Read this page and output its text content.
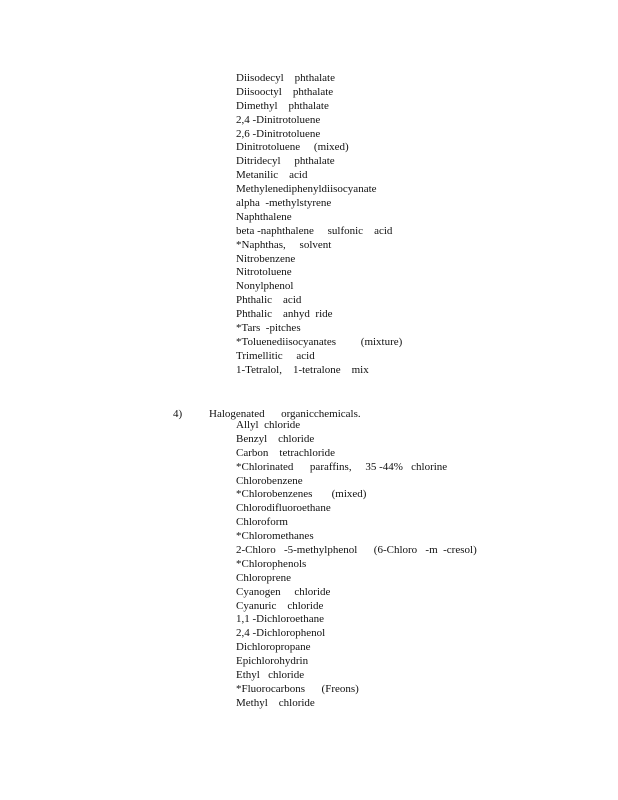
Diisodecyl    phthalate
Diisooctyl    phthalate
Dimethyl    phthalate
2,4 -Dinitrotoluene
2,6 -Dinitrotoluene
Dinitrotoluene     (mixed)
Ditridecyl     phthalate
Metanilic    acid
Methylenediphenyldiisocyanate
alpha  -methylstyrene
Naphthalene
beta -naphthalene     sulfonic    acid
*Naphthas,     solvent
Nitrobenzene
Nitrotoluene
Nonylphenol
Phthalic    acid
Phthalic    anhyd  ride
*Tars  -pitches
*Toluenediisocyanates         (mixture)
Trimellitic     acid
1-Tetralol,    1-tetralone    mix

4) Halogenated      organicchemicals.

Allyl  chloride
Benzyl    chloride
Carbon    tetrachloride
*Chlorinated      paraffins,     35 -44%   chlorine
Chlorobenzene
*Chlorobenzenes       (mixed)
Chlorodifluoroethane
Chloroform
*Chloromethanes
2-Chloro   -5-methylphenol      (6-Chloro   -m  -cresol)
*Chlorophenols
Chloroprene
Cyanogen     chloride
Cyanuric    chloride
1,1 -Dichloroethane
2,4 -Dichlorophenol
Dichloropropane
Epichlorohydrin
Ethyl   chloride
*Fluorocarbons      (Freons)
Methyl    chloride
